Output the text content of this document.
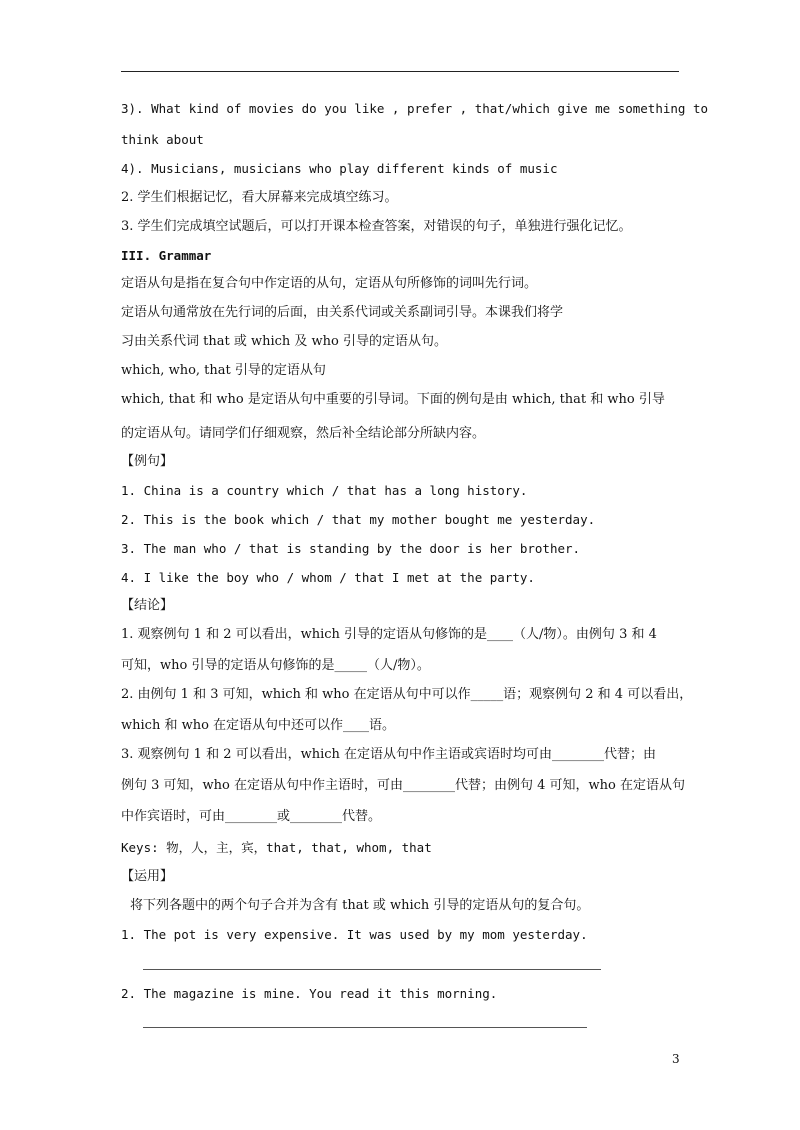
3). What kind of movies do you like , prefer , that/which give me something to
think about
4). Musicians, musicians who play different kinds of music
2. 学生们根据记忆，看大屏幕来完成填空练习。
3. 学生们完成填空试题后，可以打开课本检查答案，对错误的句子，单独进行强化记忆。
III. Grammar
定语从句是指在复合句中作定语的从句，定语从句所修饰的词叫先行词。
定语从句通常放在先行词的后面，由关系代词或关系副词引导。本课我们将学
习由关系代词 that 或 which 及 who 引导的定语从句。
which, who, that 引导的定语从句
which, that 和 who 是定语从句中重要的引导词。下面的例句是由 which, that 和 who 引导
的定语从句。请同学们仔细观察，然后补全结论部分所缺内容。
【例句】
1. China is a country which / that has a long history.
2. This is the book which / that my mother bought me yesterday.
3. The man who / that is standing by the door is her brother.
4. I like the boy who / whom / that I met at the party.
【结论】
1. 观察例句 1 和 2 可以看出，which 引导的定语从句修饰的是____（人/物）。由例句 3 和 4
可知，who 引导的定语从句修饰的是_____（人/物）。
2. 由例句 1 和 3 可知，which 和 who 在定语从句中可以作_____语；观察例句 2 和 4 可以看出，
which 和 who 在定语从句中还可以作____语。
3. 观察例句 1 和 2 可以看出，which 在定语从句中作主语或宾语时均可由________代替；由
例句 3 可知，who 在定语从句中作主语时，可由________代替；由例句 4 可知，who 在定语从句
中作宾语时，可由________或________代替。
Keys: 物，人，主，宾，that, that, whom, that
【运用】
将下列各题中的两个句子合并为含有 that 或 which 引导的定语从句的复合句。
1. The pot is very expensive. It was used by my mom yesterday.
2. The magazine is mine. You read it this morning.
3
